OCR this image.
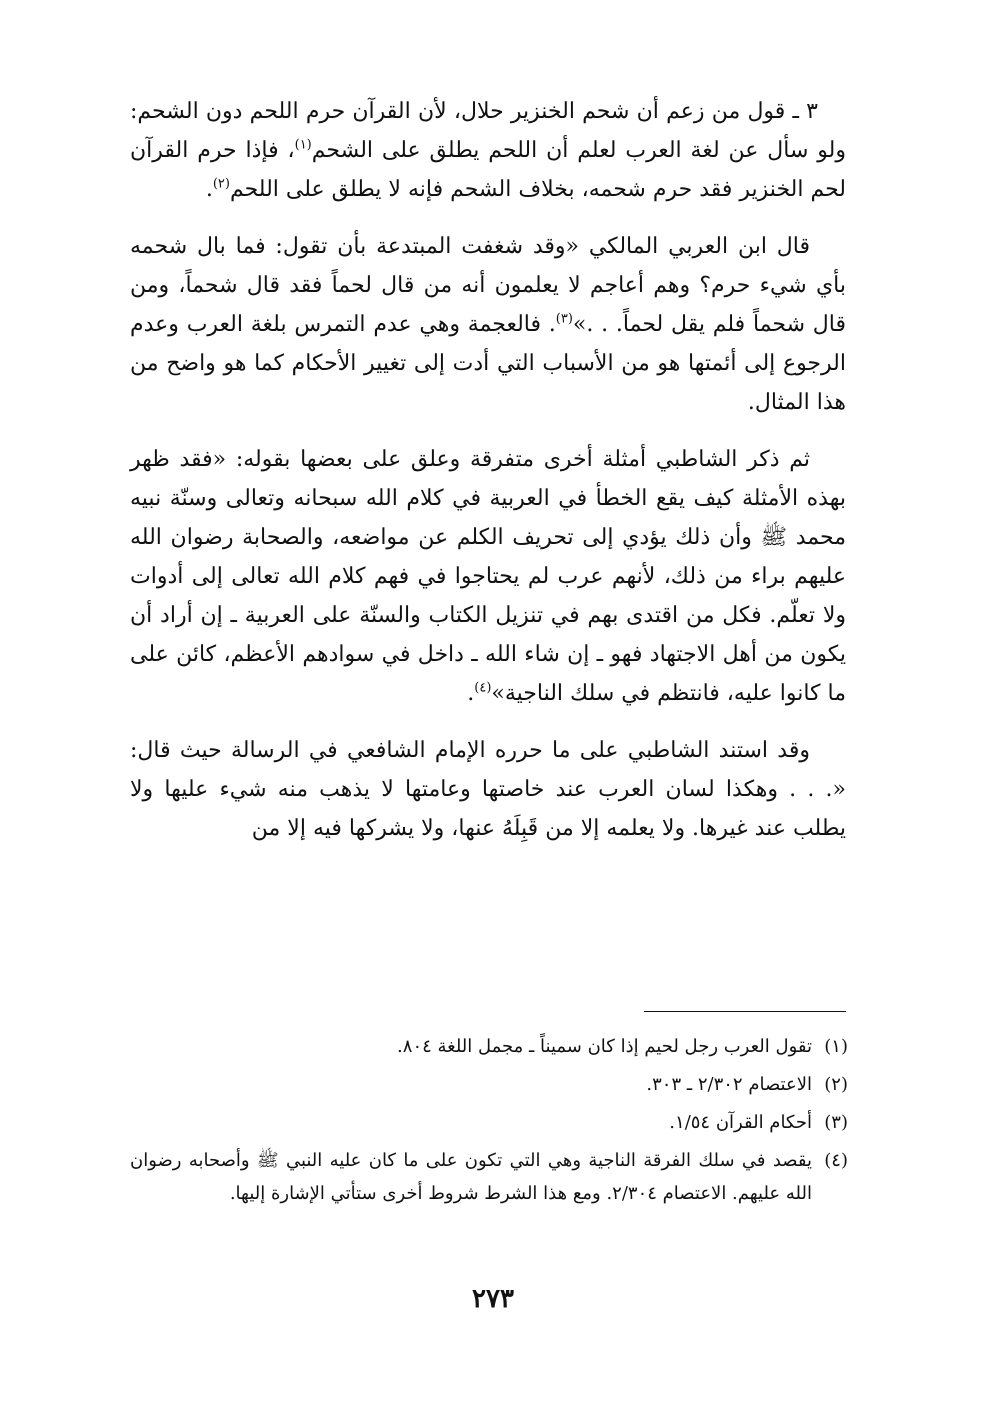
٣ ـ قول من زعم أن شحم الخنزير حلال، لأن القرآن حرم اللحم دون الشحم: ولو سأل عن لغة العرب لعلم أن اللحم يطلق على الشحم$^{(١)}$، فإذا حرم القرآن لحم الخنزير فقد حرم شحمه، بخلاف الشحم فإنه لا يطلق على اللحم$^{(٢)}$.

قال ابن العربي المالكي «وقد شغفت المبتدعة بأن تقول: فما بال شحمه بأي شيء حرم؟ وهم أعاجم لا يعلمون أنه من قال لحماً فقد قال شحماً، ومن قال شحماً فلم يقل لحماً. . .»$^{(٣)}$. فالعجمة وهي عدم التمرس بلغة العرب وعدم الرجوع إلى أئمتها هو من الأسباب التي أدت إلى تغيير الأحكام كما هو واضح من هذا المثال.

ثم ذكر الشاطبي أمثلة أخرى متفرقة وعلق على بعضها بقوله: «فقد ظهر بهذه الأمثلة كيف يقع الخطأ في العربية في كلام الله سبحانه وتعالى وسنّة نبيه محمد ﷺ وأن ذلك يؤدي إلى تحريف الكلم عن مواضعه، والصحابة رضوان الله عليهم براء من ذلك، لأنهم عرب لم يحتاجوا في فهم كلام الله تعالى إلى أدوات ولا تعلّم. فكل من اقتدى بهم في تنزيل الكتاب والسنّة على العربية ـ إن أراد أن يكون من أهل الاجتهاد فهو ـ إن شاء الله ـ داخل في سوادهم الأعظم، كائن على ما كانوا عليه، فانتظم في سلك الناجية»$^{(٤)}$.

وقد استند الشاطبي على ما حرره الإمام الشافعي في الرسالة حيث قال: «. . . وهكذا لسان العرب عند خاصتها وعامتها لا يذهب منه شيء عليها ولا يطلب عند غيرها. ولا يعلمه إلا من قَبِلَهُ عنها، ولا يشركها فيه إلا من

(١)
تقول العرب رجل لحيم إذا كان سميناً ـ مجمل اللغة ٨٠٤.
(٢)
الاعتصام ٢/٣٠٢ ـ ٣٠٣.
(٣)
أحكام القرآن ١/٥٤.
(٤)
يقصد في سلك الفرقة الناجية وهي التي تكون على ما كان عليه النبي ﷺ وأصحابه رضوان الله عليهم. الاعتصام ٢/٣٠٤. ومع هذا الشرط شروط أخرى ستأتي الإشارة إليها.
٢٧٣
